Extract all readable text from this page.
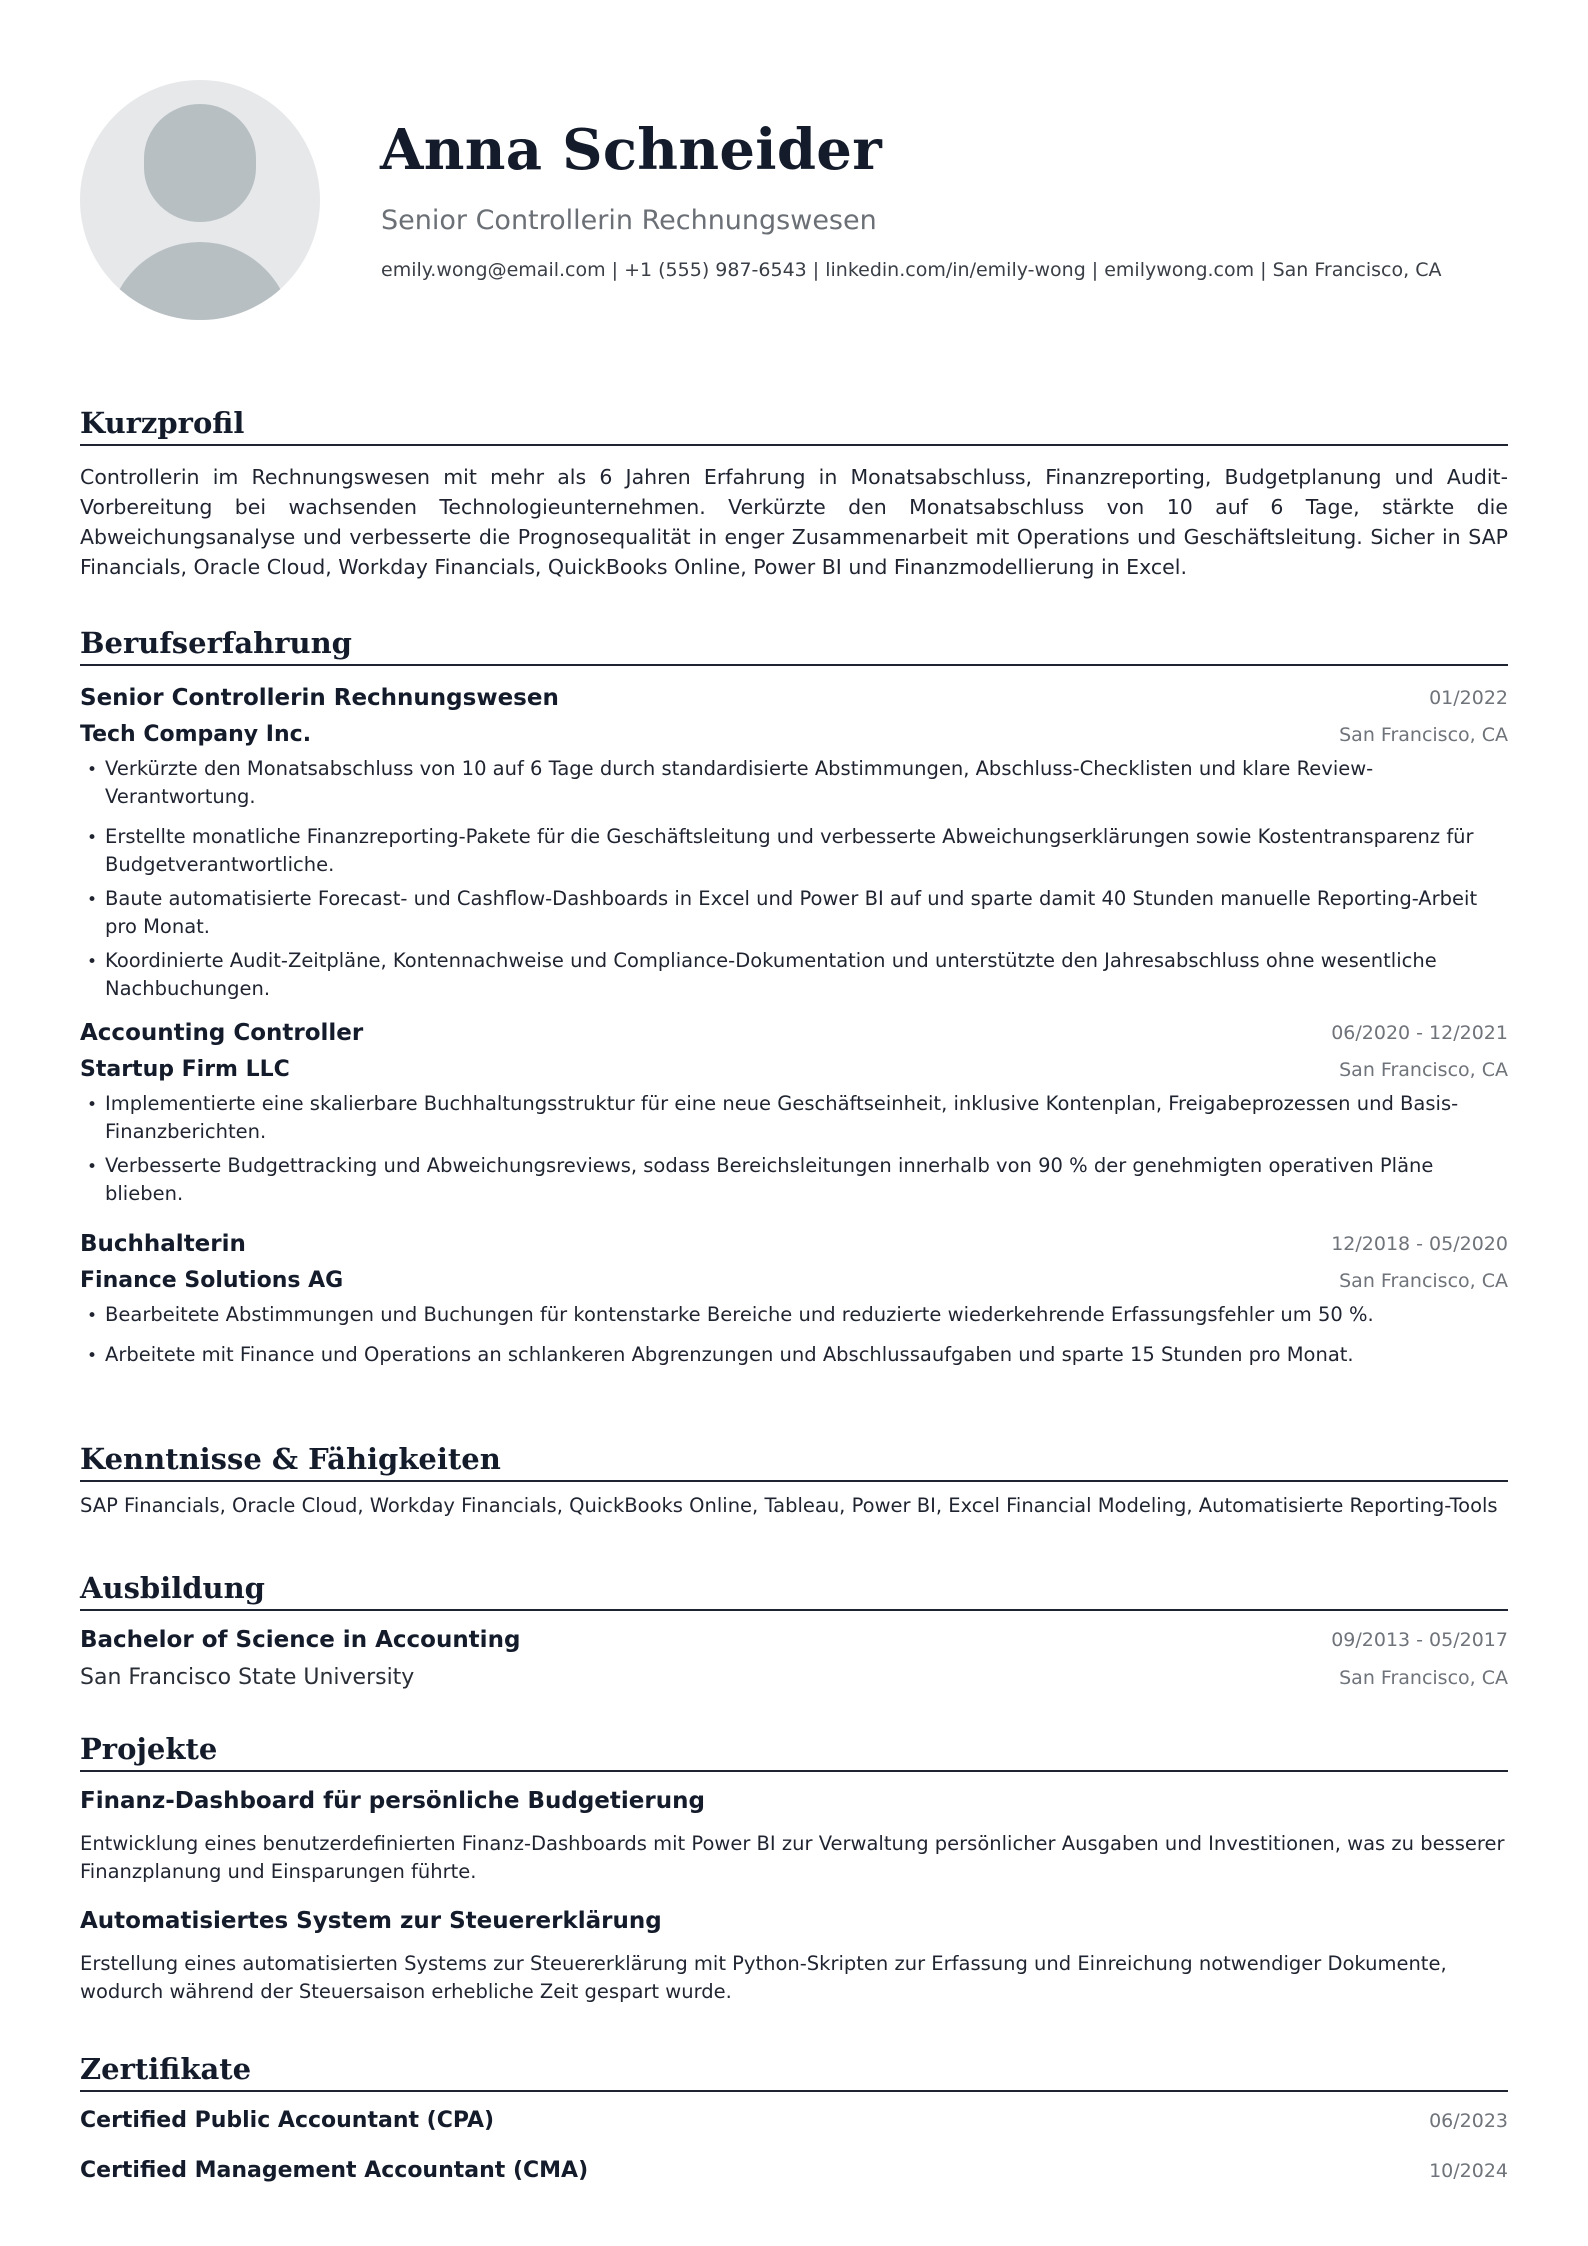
Anna Schneider
Senior Controllerin Rechnungswesen
emily.wong@email.com | +1 (555) 987-6543 | linkedin.com/in/emily-wong | emilywong.com | San Francisco, CA
Kurzprofil

Controllerin im Rechnungswesen mit mehr als 6 Jahren Erfahrung in Monatsabschluss, Finanzreporting, Budgetplanung und Audit-Vorbereitung bei wachsenden Technologieunternehmen. Verkürzte den Monatsabschluss von 10 auf 6 Tage, stärkte die Abweichungsanalyse und verbesserte die Prognosequalität in enger Zusammenarbeit mit Operations und Geschäftsleitung. Sicher in SAP Financials, Oracle Cloud, Workday Financials, QuickBooks Online, Power BI und Finanzmodellierung in Excel.

Berufserfahrung
Senior Controllerin Rechnungswesen	01/2022
Tech Company Inc.	San Francisco, CA
• Verkürzte den Monatsabschluss von 10 auf 6 Tage durch standardisierte Abstimmungen, Abschluss-Checklisten und klare Review-Verantwortung.
• Erstellte monatliche Finanzreporting-Pakete für die Geschäftsleitung und verbesserte Abweichungserklärungen sowie Kostentransparenz für Budgetverantwortliche.
• Baute automatisierte Forecast- und Cashflow-Dashboards in Excel und Power BI auf und sparte damit 40 Stunden manuelle Reporting-Arbeit pro Monat.
• Koordinierte Audit-Zeitpläne, Kontennachweise und Compliance-Dokumentation und unterstützte den Jahresabschluss ohne wesentliche Nachbuchungen.
Accounting Controller	06/2020 - 12/2021
Startup Firm LLC	San Francisco, CA
• Implementierte eine skalierbare Buchhaltungsstruktur für eine neue Geschäftseinheit, inklusive Kontenplan, Freigabeprozessen und Basis-Finanzberichten.
• Verbesserte Budgettracking und Abweichungsreviews, sodass Bereichsleitungen innerhalb von 90 % der genehmigten operativen Pläne blieben.
Buchhalterin	12/2018 - 05/2020
Finance Solutions AG	San Francisco, CA
• Bearbeitete Abstimmungen und Buchungen für kontenstarke Bereiche und reduzierte wiederkehrende Erfassungsfehler um 50 %.
• Arbeitete mit Finance und Operations an schlankeren Abgrenzungen und Abschlussaufgaben und sparte 15 Stunden pro Monat.
Kenntnisse & Fähigkeiten
SAP Financials, Oracle Cloud, Workday Financials, QuickBooks Online, Tableau, Power BI, Excel Financial Modeling, Automatisierte Reporting-Tools
Ausbildung
Bachelor of Science in Accounting	09/2013 - 05/2017
San Francisco State University	San Francisco, CA
Projekte
Finanz-Dashboard für persönliche Budgetierung

Entwicklung eines benutzerdefinierten Finanz-Dashboards mit Power BI zur Verwaltung persönlicher Ausgaben und Investitionen, was zu besserer Finanzplanung und Einsparungen führte.

Automatisiertes System zur Steuererklärung

Erstellung eines automatisierten Systems zur Steuererklärung mit Python-Skripten zur Erfassung und Einreichung notwendiger Dokumente, wodurch während der Steuersaison erhebliche Zeit gespart wurde.

Zertifikate
Certified Public Accountant (CPA)	06/2023
Certified Management Accountant (CMA)	10/2024
